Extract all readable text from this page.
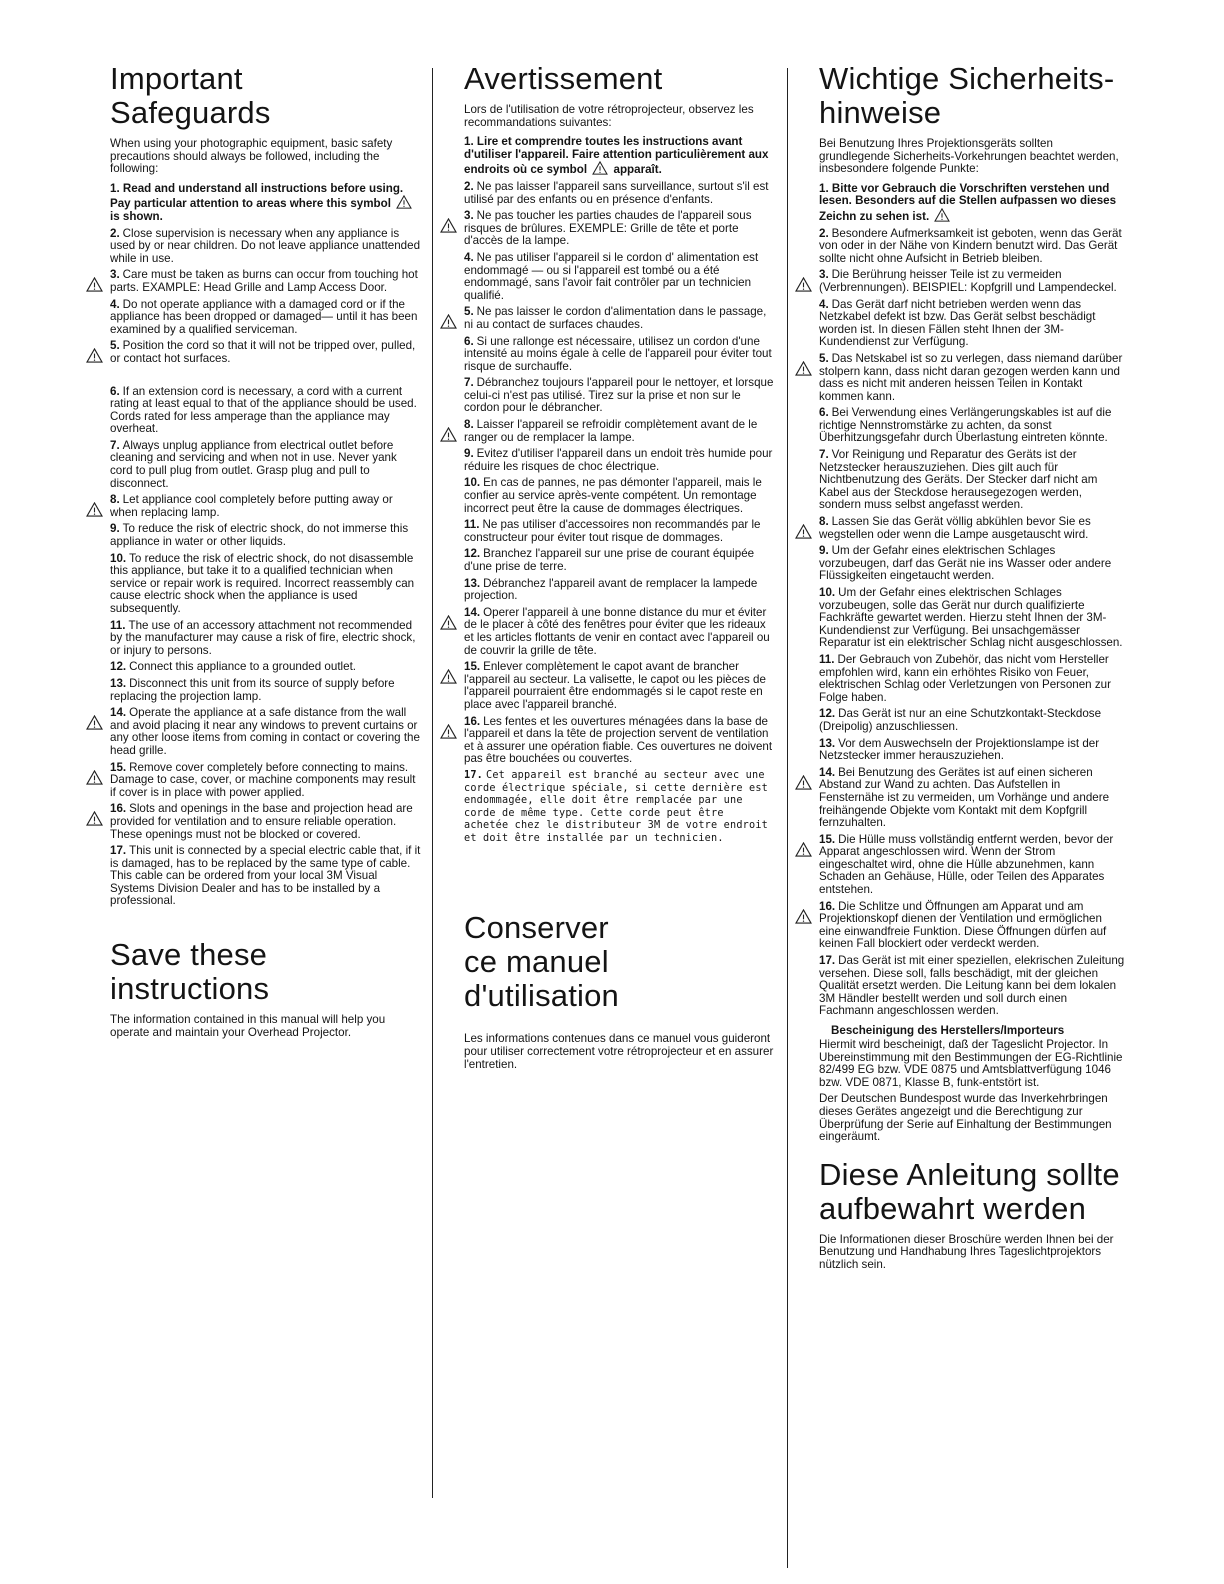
Important Safeguards

When using your photographic equipment, basic safety precautions should always be followed, including the following:

1. Read and understand all instructions before using. Pay particular attention to areas where this symbol  is shown.
2. Close supervision is necessary when any appliance is used by or near children. Do not leave appliance unattended while in use.
3. Care must be taken as burns can occur from touching hot parts. EXAMPLE: Head Grille and Lamp Access Door.
4. Do not operate appliance with a damaged cord or if the appliance has been dropped or damaged— until it has been examined by a qualified serviceman.
5. Position the cord so that it will not be tripped over, pulled, or contact hot surfaces.
6. If an extension cord is necessary, a cord with a current rating at least equal to that of the appliance should be used. Cords rated for less amperage than the appliance may overheat.
7. Always unplug appliance from electrical outlet before cleaning and servicing and when not in use. Never yank cord to pull plug from outlet. Grasp plug and pull to disconnect.
8. Let appliance cool completely before putting away or when replacing lamp.
9. To reduce the risk of electric shock, do not immerse this appliance in water or other liquids.
10. To reduce the risk of electric shock, do not disassemble this appliance, but take it to a qualified technician when service or repair work is required. Incorrect reassembly can cause electric shock when the appliance is used subsequently.
11. The use of an accessory attachment not recommended by the manufacturer may cause a risk of fire, electric shock, or injury to persons.
12. Connect this appliance to a grounded outlet.
13. Disconnect this unit from its source of supply before replacing the projection lamp.
14. Operate the appliance at a safe distance from the wall and avoid placing it near any windows to prevent curtains or any other loose items from coming in contact or covering the head grille.
15. Remove cover completely before connecting to mains. Damage to case, cover, or machine components may result if cover is in place with power applied.
16. Slots and openings in the base and projection head are provided for ventilation and to ensure reliable operation. These openings must not be blocked or covered.
17. This unit is connected by a special electric cable that, if it is damaged, has to be replaced by the same type of cable. This cable can be ordered from your local 3M Visual Systems Division Dealer and has to be installed by a professional.
Save these instructions

The information contained in this manual will help you operate and maintain your Overhead Projector.

Avertissement

Lors de l'utilisation de votre rétroprojecteur, observez les recommandations suivantes:

1. Lire et comprendre toutes les instructions avant d'utiliser l'appareil. Faire attention particulièrement aux endroits où ce symbol apparaît.
2. Ne pas laisser l'appareil sans surveillance, surtout s'il est utilisé par des enfants ou en présence d'enfants.
3. Ne pas toucher les parties chaudes de l'appareil sous risques de brûlures. EXEMPLE: Grille de tête et porte d'accès de la lampe.
4. Ne pas utiliser l'appareil si le cordon d' alimentation est endommagé — ou si l'appareil est tombé ou a été endommagé, sans l'avoir fait contrôler par un technicien qualifié.
5. Ne pas laisser le cordon d'alimentation dans le passage, ni au contact de surfaces chaudes.
6. Si une rallonge est nécessaire, utilisez un cordon d'une intensité au moins égale à celle de l'appareil pour éviter tout risque de surchauffe.
7. Débranchez toujours l'appareil pour le nettoyer, et lorsque celui-ci n'est pas utilisé. Tirez sur la prise et non sur le cordon pour le débrancher.
8. Laisser l'appareil se refroidir complètement avant de le ranger ou de remplacer la lampe.
9. Evitez d'utiliser l'appareil dans un endoit très humide pour réduire les risques de choc électrique.
10. En cas de pannes, ne pas démonter l'appareil, mais le confier au service après-vente compétent. Un remontage incorrect peut être la cause de dommages électriques.
11. Ne pas utiliser d'accessoires non recommandés par le constructeur pour éviter tout risque de dommages.
12. Branchez l'appareil sur une prise de courant équipée d'une prise de terre.
13. Débranchez l'appareil avant de remplacer la lampede projection.
14. Operer l'appareil à une bonne distance du mur et éviter de le placer à côté des fenêtres pour éviter que les rideaux et les articles flottants de venir en contact avec l'appareil ou de couvrir la grille de tête.
15. Enlever complètement le capot avant de brancher l'appareil au secteur. La valisette, le capot ou les pièces de l'appareil pourraient être endommagés si le capot reste en place avec l'appareil branché.
16. Les fentes et les ouvertures ménagées dans la base de l'appareil et dans la tête de projection servent de ventilation et à assurer une opération fiable. Ces ouvertures ne doivent pas être bouchées ou couvertes.
17. Cet appareil est branché au secteur avec une corde électrique spéciale, si cette dernière est endommagée, elle doit être remplacée par une corde de même type. Cette corde peut être achetée chez le distributeur 3M de votre endroit et doit être installée par un technicien.
Conserver ce manuel d'utilisation

Les informations contenues dans ce manuel vous guideront pour utiliser correctement votre rétroprojecteur et en assurer l'entretien.

Wichtige Sicherheits-hinweise

Bei Benutzung Ihres Projektionsgeräts sollten grundlegende Sicherheits-Vorkehrungen beachtet werden, insbesondere folgende Punkte:

1. Bitte vor Gebrauch die Vorschriften verstehen und lesen. Besonders auf die Stellen aufpassen wo dieses Zeichn zu sehen ist.
2. Besondere Aufmerksamkeit ist geboten, wenn das Gerät von oder in der Nähe von Kindern benutzt wird. Das Gerät sollte nicht ohne Aufsicht in Betrieb bleiben.
3. Die Berührung heisser Teile ist zu vermeiden (Verbrennungen). BEISPIEL: Kopfgrill und Lampendeckel.
4. Das Gerät darf nicht betrieben werden wenn das Netzkabel defekt ist bzw. Das Gerät selbst beschädigt worden ist. In diesen Fällen steht Ihnen der 3M-Kundendienst zur Verfügung.
5. Das Netskabel ist so zu verlegen, dass niemand darüber stolpern kann, dass nicht daran gezogen werden kann und dass es nicht mit anderen heissen Teilen in Kontakt kommen kann.
6. Bei Verwendung eines Verlängerungskables ist auf die richtige Nennstromstärke zu achten, da sonst Überhitzungsgefahr durch Überlastung eintreten könnte.
7. Vor Reinigung und Reparatur des Geräts ist der Netzstecker herauszuziehen. Dies gilt auch für Nichtbenutzung des Geräts. Der Stecker darf nicht am Kabel aus der Steckdose herausegezogen werden, sondern muss selbst angefasst werden.
8. Lassen Sie das Gerät völlig abkühlen bevor Sie es wegstellen oder wenn die Lampe ausgetauscht wird.
9. Um der Gefahr eines elektrischen Schlages vorzubeugen, darf das Gerät nie ins Wasser oder andere Flüssigkeiten eingetaucht werden.
10. Um der Gefahr eines elektrischen Schlages vorzubeugen, solle das Gerät nur durch qualifizierte Fachkräfte gewartet werden. Hierzu steht Ihnen der 3M-Kundendienst zur Verfügung. Bei unsachgemässer Reparatur ist ein elektrischer Schlag nicht ausgeschlossen.
11. Der Gebrauch von Zubehör, das nicht vom Hersteller empfohlen wird, kann ein erhöhtes Risiko von Feuer, elektrischen Schlag oder Verletzungen von Personen zur Folge haben.
12. Das Gerät ist nur an eine Schutzkontakt-Steckdose (Dreipolig) anzuschliessen.
13. Vor dem Auswechseln der Projektionslampe ist der Netzstecker immer herauszuziehen.
14. Bei Benutzung des Gerätes ist auf einen sicheren Abstand zur Wand zu achten. Das Aufstellen in Fensternähe ist zu vermeiden, um Vorhänge und andere freihängende Objekte vom Kontakt mit dem Kopfgrill fernzuhalten.
15. Die Hülle muss vollständig entfernt werden, bevor der Apparat angeschlossen wird. Wenn der Strom eingeschaltet wird, ohne die Hülle abzunehmen, kann Schaden an Gehäuse, Hülle, oder Teilen des Apparates entstehen.
16. Die Schlitze und Öffnungen am Apparat und am Projektionskopf dienen der Ventilation und ermöglichen eine einwandfreie Funktion. Diese Öffnungen dürfen auf keinen Fall blockiert oder verdeckt werden.
17. Das Gerät ist mit einer speziellen, elekrischen Zuleitung versehen. Diese soll, falls beschädigt, mit der gleichen Qualität ersetzt werden. Die Leitung kann bei dem lokalen 3M Händler bestellt werden und soll durch einen Fachmann angeschlossen werden.
Bescheinigung des Herstellers/Importeurs

Hiermit wird bescheinigt, daß der Tageslicht Projector. In Ubereinstimmung mit den Bestimmungen der EG-Richtlinie 82/499 EG bzw. VDE 0875 und Amtsblattverfügung 1046 bzw. VDE 0871, Klasse B, funk-entstört ist.

Der Deutschen Bundespost wurde das Inverkehrbringen dieses Gerätes angezeigt und die Berechtigung zur Überprüfung der Serie auf Einhaltung der Bestimmungen eingeräumt.

Diese Anleitung sollte aufbewahrt werden

Die Informationen dieser Broschüre werden Ihnen bei der Benutzung und Handhabung Ihres Tageslichtprojektors nützlich sein.
